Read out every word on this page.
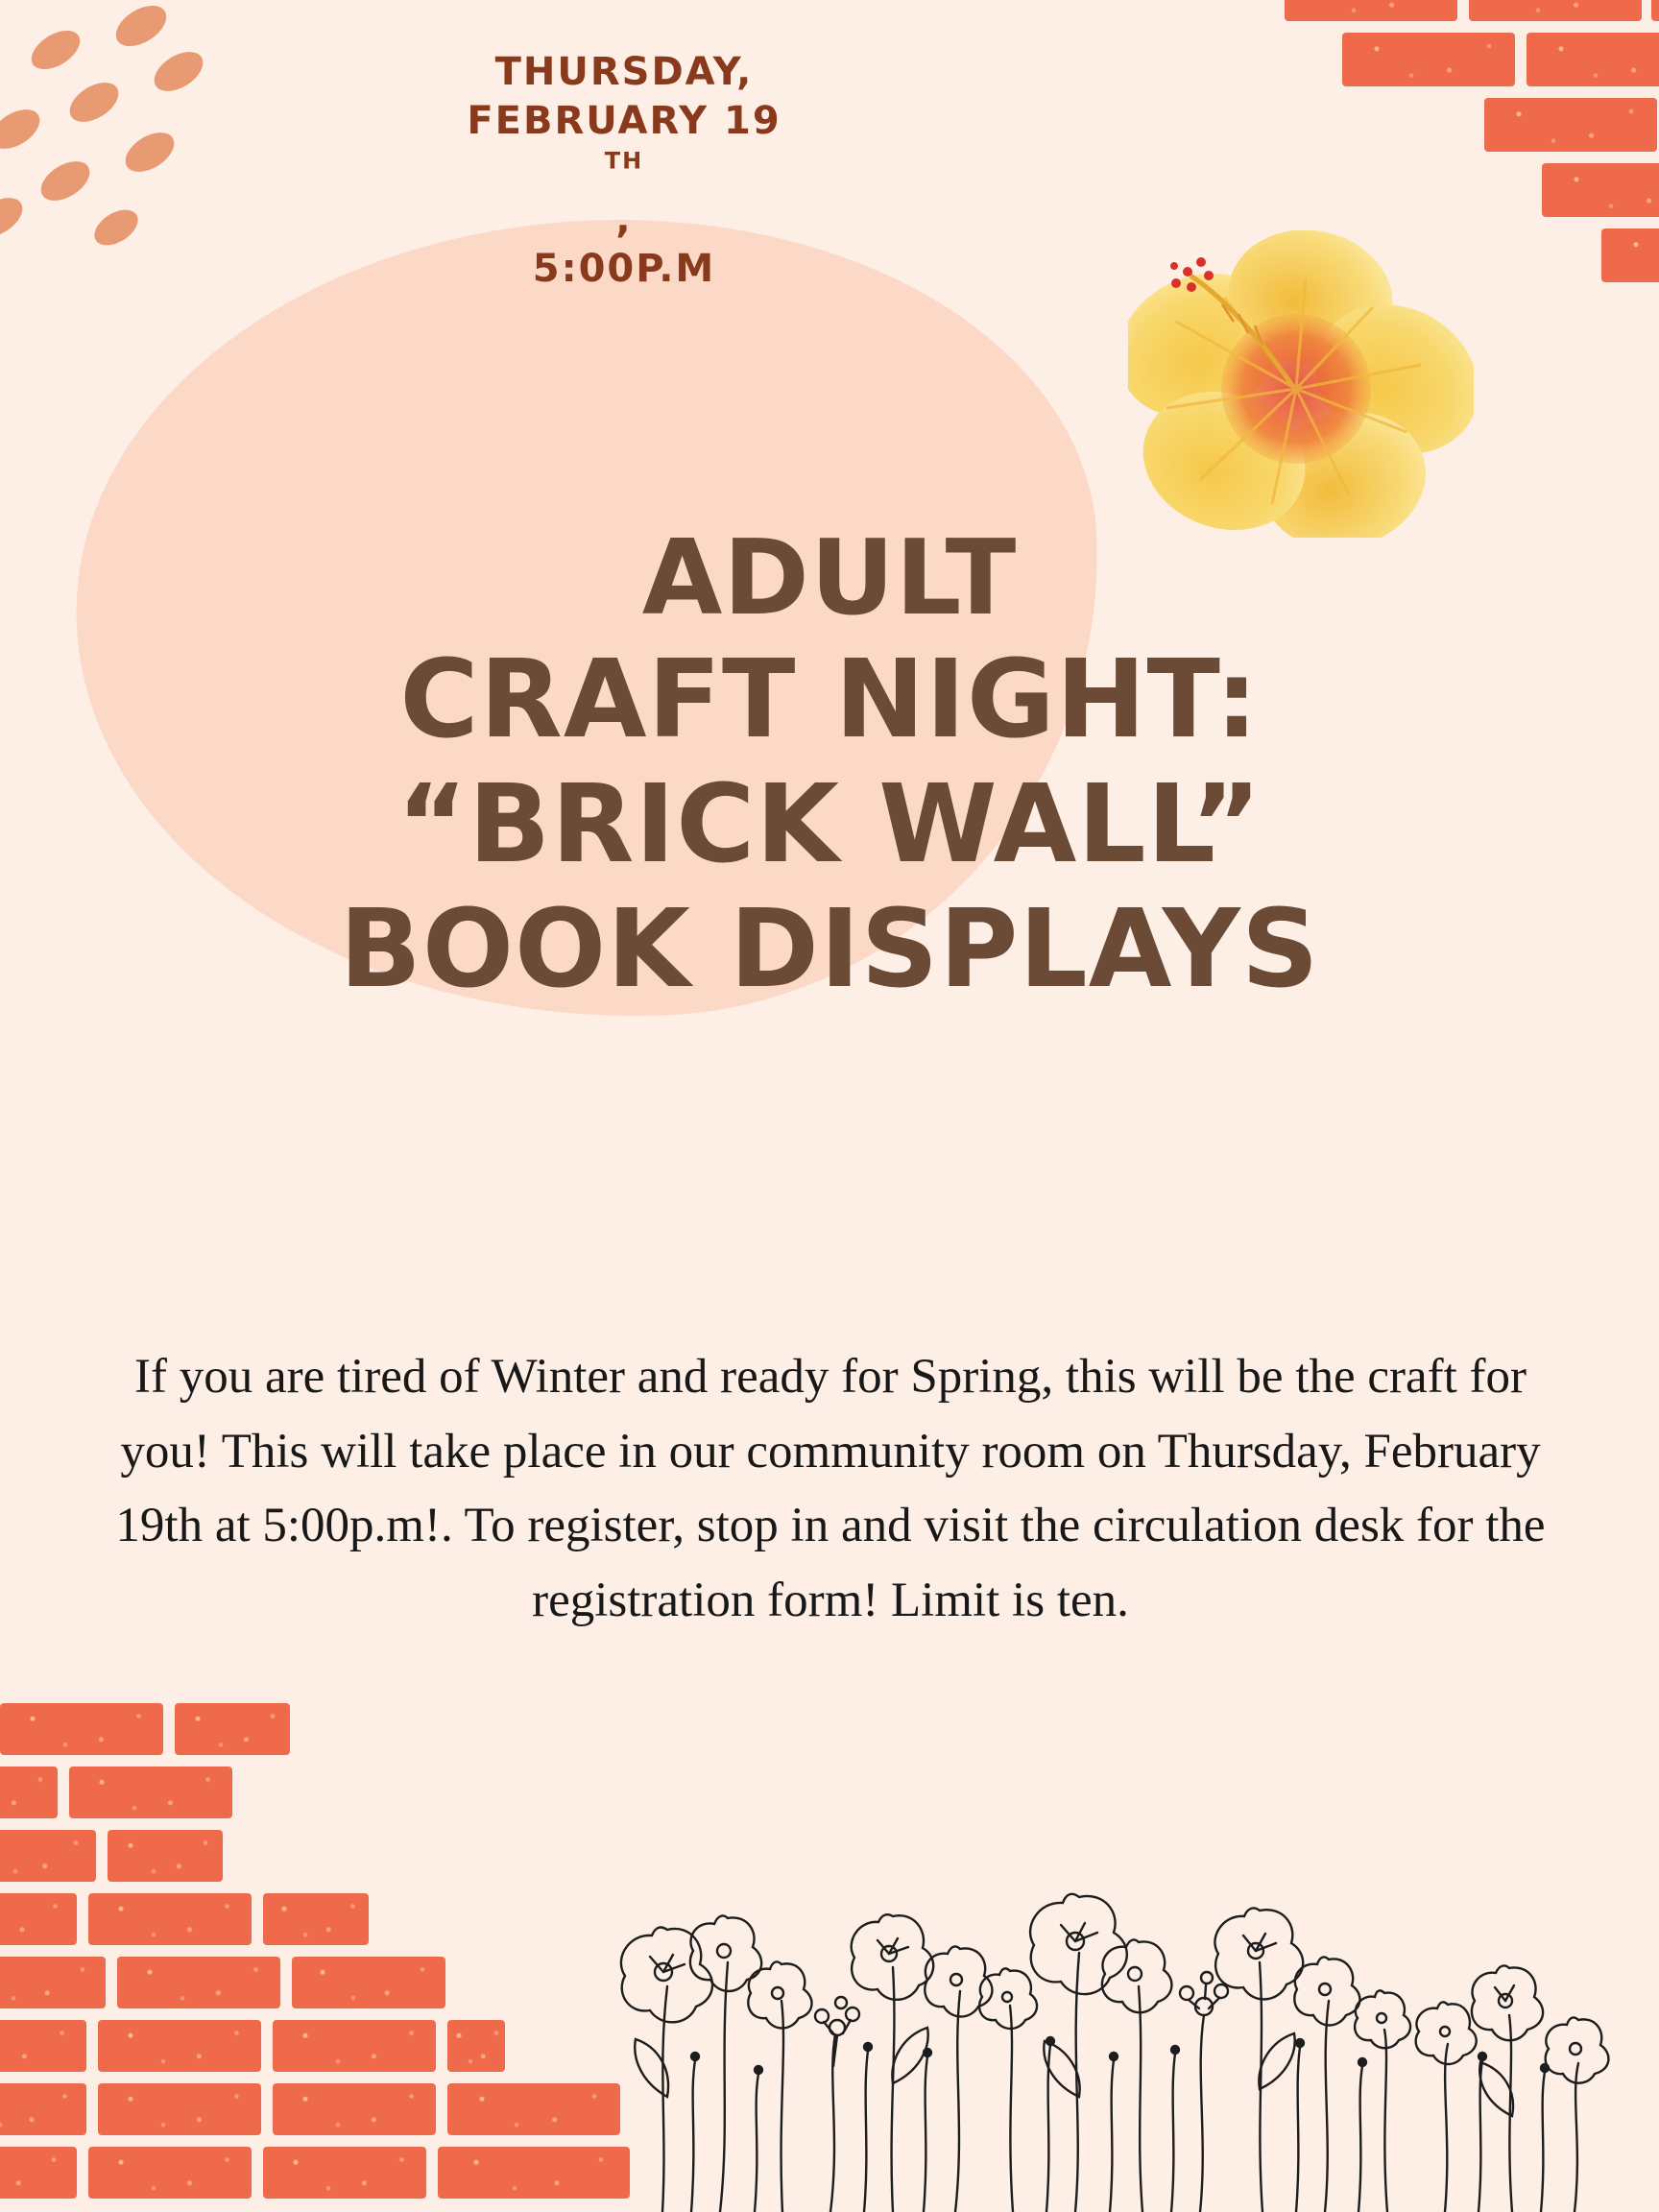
THURSDAY,
FEBRUARY 19
$^{TH}$
,
5:00P.M
ADULT
CRAFT NIGHT:
“BRICK WALL”
BOOK DISPLAYS

If you are tired of Winter and ready for Spring, this will be the craft for you! This will take place in our community room on Thursday, February 19th at 5:00p.m!. To register, stop in and visit the circulation desk for the registration form! Limit is ten.
